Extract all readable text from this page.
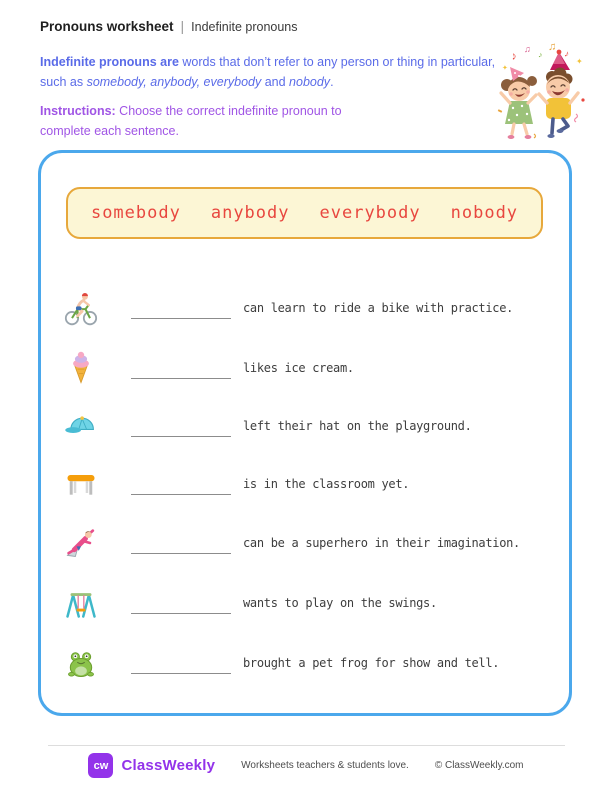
Pronouns worksheet | Indefinite pronouns

Indefinite pronouns are words that don’t refer to any person or thing in particular, such as somebody, anybody, everybody and nobody.

Instructions: Choose the correct indefinite pronoun to complete each sentence.

♪
♫
♪
♫
♪
✦
✦
somebody anybody everybody nobody
can learn to ride a bike with practice.
likes ice cream.
left their hat on the playground.
is in the classroom yet.
can be a superhero in their imagination.
wants to play on the swings.
brought a pet frog for show and tell.
cw ClassWeekly	Worksheets teachers & students love.	© ClassWeekly.com
